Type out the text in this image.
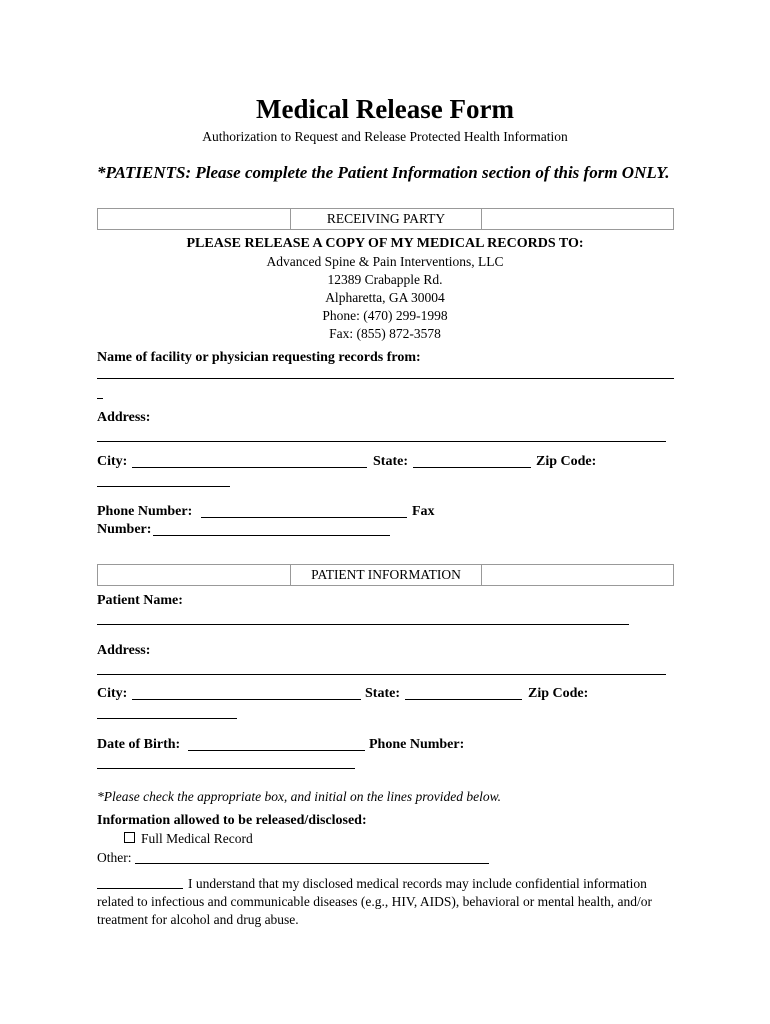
Medical Release Form
Authorization to Request and Release Protected Health Information
*PATIENTS: Please complete the Patient Information section of this form ONLY.
RECEIVING PARTY
PLEASE RELEASE A COPY OF MY MEDICAL RECORDS TO:
Advanced Spine & Pain Interventions, LLC
12389 Crabapple Rd.
Alpharetta, GA 30004
Phone: (470) 299-1998
Fax: (855) 872-3578
Name of facility or physician requesting records from:
Address:
City:	State:	Zip Code:
Phone Number:	Fax
Number:
PATIENT INFORMATION
Patient Name:
Address:
City:	State:	Zip Code:
Date of Birth:	Phone Number:
*Please check the appropriate box, and initial on the lines provided below.
Information allowed to be released/disclosed:
Full Medical Record
Other:
I understand that my disclosed medical records may include confidential information related to infectious and communicable diseases (e.g., HIV, AIDS), behavioral or mental health, and/or treatment for alcohol and drug abuse.
